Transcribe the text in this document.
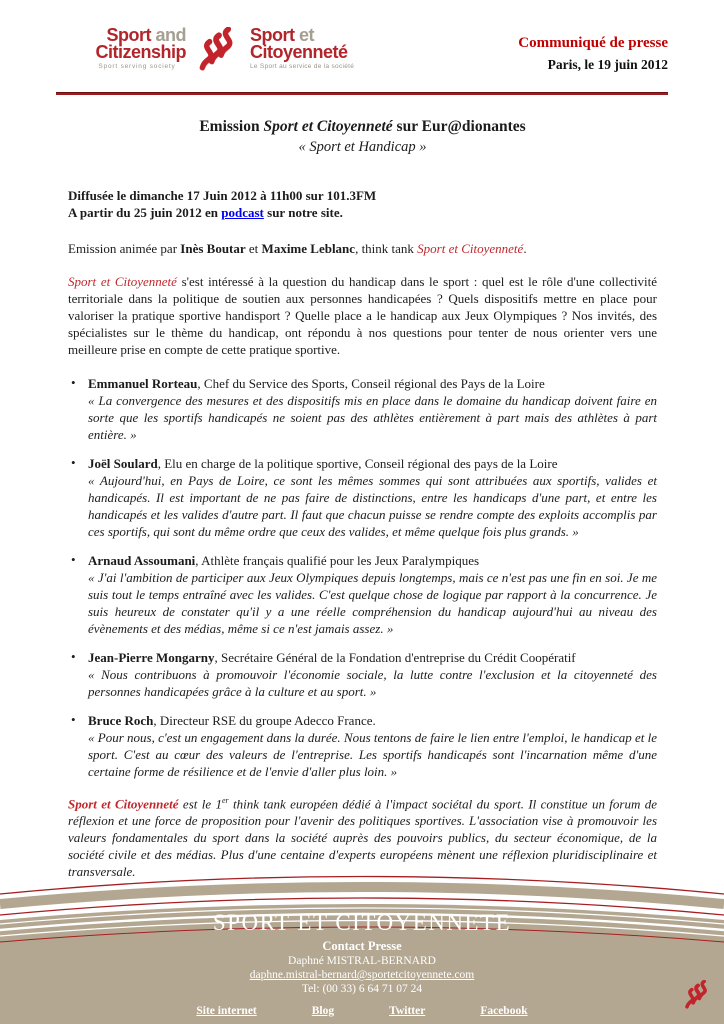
Sport and
Citizenship
Sport serving society
Sport et
Citoyenneté
Le Sport au service de la société
Communiqué de presse
Paris, le 19 juin 2012
Emission Sport et Citoyenneté sur Eur@dionantes
« Sport et Handicap »
Diffusée le dimanche 17 Juin 2012 à 11h00 sur 101.3FM
A partir du 25 juin 2012 en podcast sur notre site.
Emission animée par Inès Boutar et Maxime Leblanc, think tank Sport et Citoyenneté.
Sport et Citoyenneté s'est intéressé à la question du handicap dans le sport : quel est le rôle d'une collectivité territoriale dans la politique de soutien aux personnes handicapées ? Quels dispositifs mettre en place pour valoriser la pratique sportive handisport ? Quelle place a le handicap aux Jeux Olympiques ? Nos invités, des spécialistes sur le thème du handicap, ont répondu à nos questions pour tenter de nous orienter vers une meilleure prise en compte de cette pratique sportive.
• Emmanuel Rorteau, Chef du Service des Sports, Conseil régional des Pays de la Loire
« La convergence des mesures et des dispositifs mis en place dans le domaine du handicap doivent faire en sorte que les sportifs handicapés ne soient pas des athlètes entièrement à part mais des athlètes à part entière. »
• Joël Soulard, Elu en charge de la politique sportive, Conseil régional des pays de la Loire
« Aujourd'hui, en Pays de Loire, ce sont les mêmes sommes qui sont attribuées aux sportifs, valides et handicapés. Il est important de ne pas faire de distinctions, entre les handicaps d'une part, et entre les handicapés et les valides d'autre part. Il faut que chacun puisse se rendre compte des exploits accomplis par ces sportifs, qui sont du même ordre que ceux des valides, et même quelque fois plus grands. »
• Arnaud Assoumani, Athlète français qualifié pour les Jeux Paralympiques
« J'ai l'ambition de participer aux Jeux Olympiques depuis longtemps, mais ce n'est pas une fin en soi. Je me suis tout le temps entraîné avec les valides. C'est quelque chose de logique par rapport à la concurrence. Je suis heureux de constater qu'il y a une réelle compréhension du handicap aujourd'hui au niveau des évènements et des médias, même si ce n'est jamais assez. »
• Jean-Pierre Mongarny, Secrétaire Général de la Fondation d'entreprise du Crédit Coopératif
« Nous contribuons à promouvoir l'économie sociale, la lutte contre l'exclusion et la citoyenneté des personnes handicapées grâce à la culture et au sport. »
• Bruce Roch, Directeur RSE du groupe Adecco France.
« Pour nous, c'est un engagement dans la durée. Nous tentons de faire le lien entre l'emploi, le handicap et le sport. C'est au cœur des valeurs de l'entreprise. Les sportifs handicapés sont l'incarnation même d'une certaine forme de résilience et de l'envie d'aller plus loin. »
Sport et Citoyenneté est le 1er think tank européen dédié à l'impact sociétal du sport. Il constitue un forum de réflexion et une force de proposition pour l'avenir des politiques sportives. L'association vise à promouvoir les valeurs fondamentales du sport dans la société auprès des pouvoirs publics, du secteur économique, de la société civile et des médias. Plus d'une centaine d'experts européens mènent une réflexion pluridisciplinaire et transversale.
SPORT ET CITOYENNETE
Contact Presse
Daphné MISTRAL-BERNARD
daphne.mistral-bernard@sportetcitoyennete.com
Tel: (00 33) 6 64 71 07 24
Site internet	Blog	Twitter	Facebook
